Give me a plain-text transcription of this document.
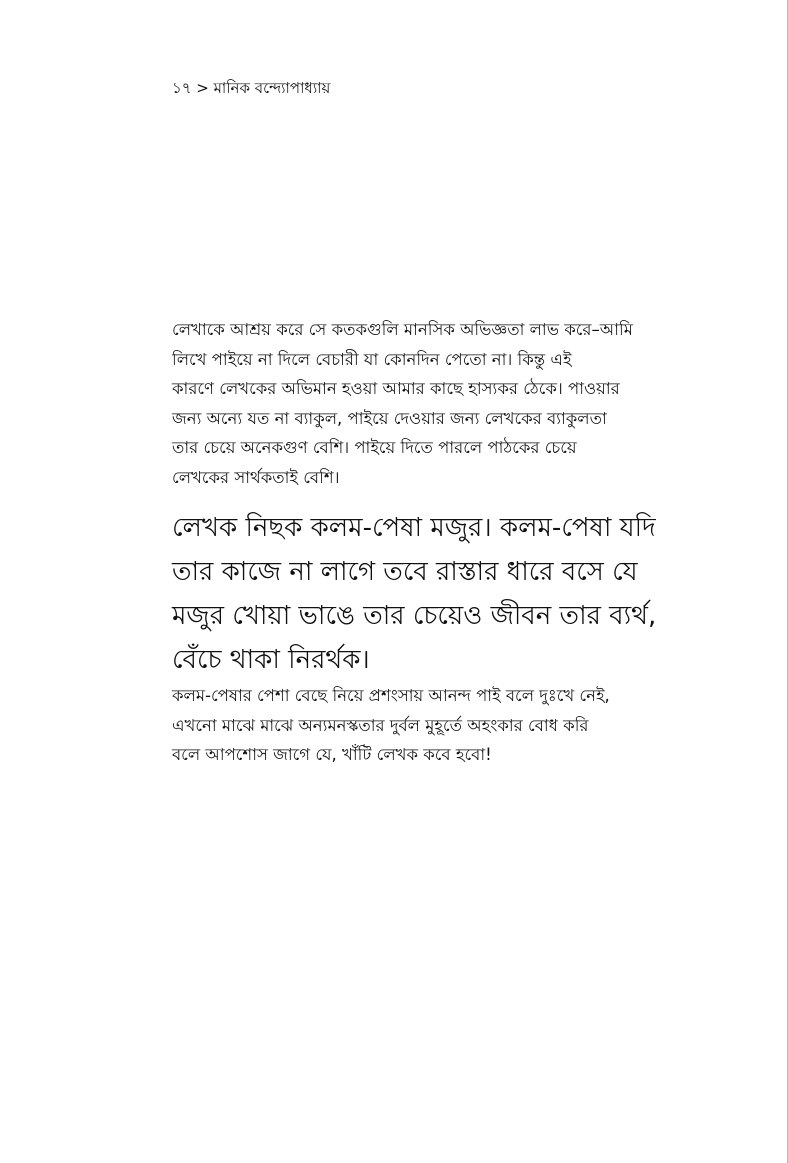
১৭ > মানিক বন্দ্যোপাধ্যায়

লেখাকে আশ্রয় করে সে কতকগুলি মানসিক অভিজ্ঞতা লাভ করে–আমি
লিখে পাইয়ে না দিলে বেচারী যা কোনদিন পেতো না। কিন্তু এই
কারণে লেখকের অভিমান হওয়া আমার কাছে হাস্যকর ঠেকে। পাওয়ার
জন্য অন্যে যত না ব্যাকুল, পাইয়ে দেওয়ার জন্য লেখকের ব্যাকুলতা
তার চেয়ে অনেকগুণ বেশি। পাইয়ে দিতে পারলে পাঠকের চেয়ে
লেখকের সার্থকতাই বেশি।

লেখক নিছক কলম-পেষা মজুর। কলম-পেষা যদি
তার কাজে না লাগে তবে রাস্তার ধারে বসে যে
মজুর খোয়া ভাঙে তার চেয়েও জীবন তার ব্যর্থ,
বেঁচে থাকা নিরর্থক।

কলম-পেষার পেশা বেছে নিয়ে প্রশংসায় আনন্দ পাই বলে দুঃখে নেই,
এখনো মাঝে মাঝে অন্যমনস্কতার দুর্বল মুহূর্তে অহংকার বোধ করি
বলে আপশোস জাগে যে, খাঁটি লেখক কবে হবো!
